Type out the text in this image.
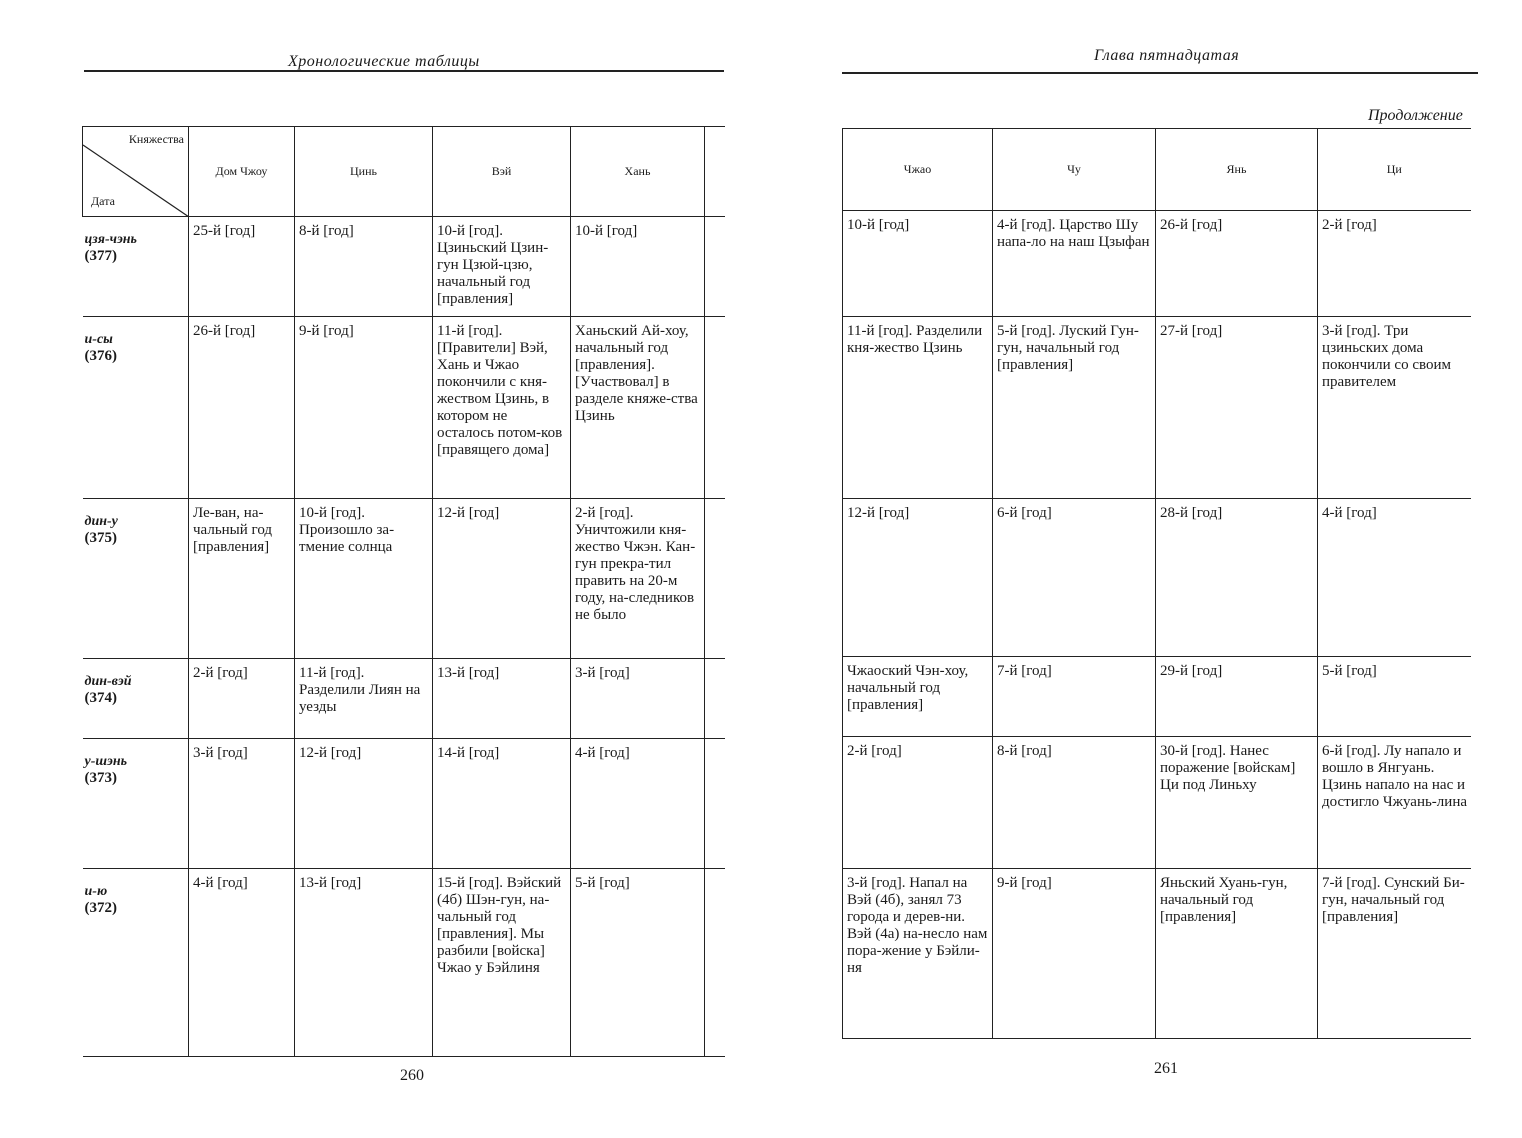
Хронологические таблицы
Княжества
Дата	Дом Чжоу	Цинь	Вэй	Хань	
цзя-чэнь
(377)	25-й [год]	8-й [год]	10-й [год]. Цзиньский Цзин-гун Цзюй-цзю, начальный год [правления]	10-й [год]	
и-сы
(376)	26-й [год]	9-й [год]	11-й [год]. [Правители] Вэй, Хань и Чжао покончили с кня-жеством Цзинь, в котором не осталось потом-ков [правящего дома]	Ханьский Ай-хоу, начальный год [правления]. [Участвовал] в разделе княже-ства Цзинь	
дин-у
(375)	Ле-ван, на-чальный год [правления]	10-й [год]. Произошло за-тмение солнца	12-й [год]	2-й [год]. Уничтожили кня-жество Чжэн. Кан-гун прекра-тил править на 20-м году, на-следников не было	
дин-вэй
(374)	2-й [год]	11-й [год]. Разделили Лиян на уезды	13-й [год]	3-й [год]	
у-шэнь
(373)	3-й [год]	12-й [год]	14-й [год]	4-й [год]	
и-ю
(372)	4-й [год]	13-й [год]	15-й [год]. Вэйский (4б) Шэн-гун, на-чальный год [правления]. Мы разбили [войска] Чжао у Бэйлиня	5-й [год]	
260
Глава пятнадцатая
Продолжение
Чжао	Чу	Янь	Ци
10-й [год]	4-й [год]. Царство Шу напа-ло на наш Цзыфан	26-й [год]	2-й [год]
11-й [год]. Разделили кня-жество Цзинь	5-й [год]. Луский Гун-гун, начальный год [правления]	27-й [год]	3-й [год]. Три цзиньских дома покончили со своим правителем
12-й [год]	6-й [год]	28-й [год]	4-й [год]
Чжаоский Чэн-хоу, начальный год [правления]	7-й [год]	29-й [год]	5-й [год]
2-й [год]	8-й [год]	30-й [год]. Нанес поражение [войскам] Ци под Линьху	6-й [год]. Лу напало и вошло в Янгуань. Цзинь напало на нас и достигло Чжуань-лина
3-й [год]. Напал на Вэй (4б), занял 73 города и дерев-ни. Вэй (4а) на-несло нам пора-жение у Бэйли-ня	9-й [год]	Яньский Хуань-гун, начальный год [правления]	7-й [год]. Сунский Би-гун, начальный год [правления]
261
